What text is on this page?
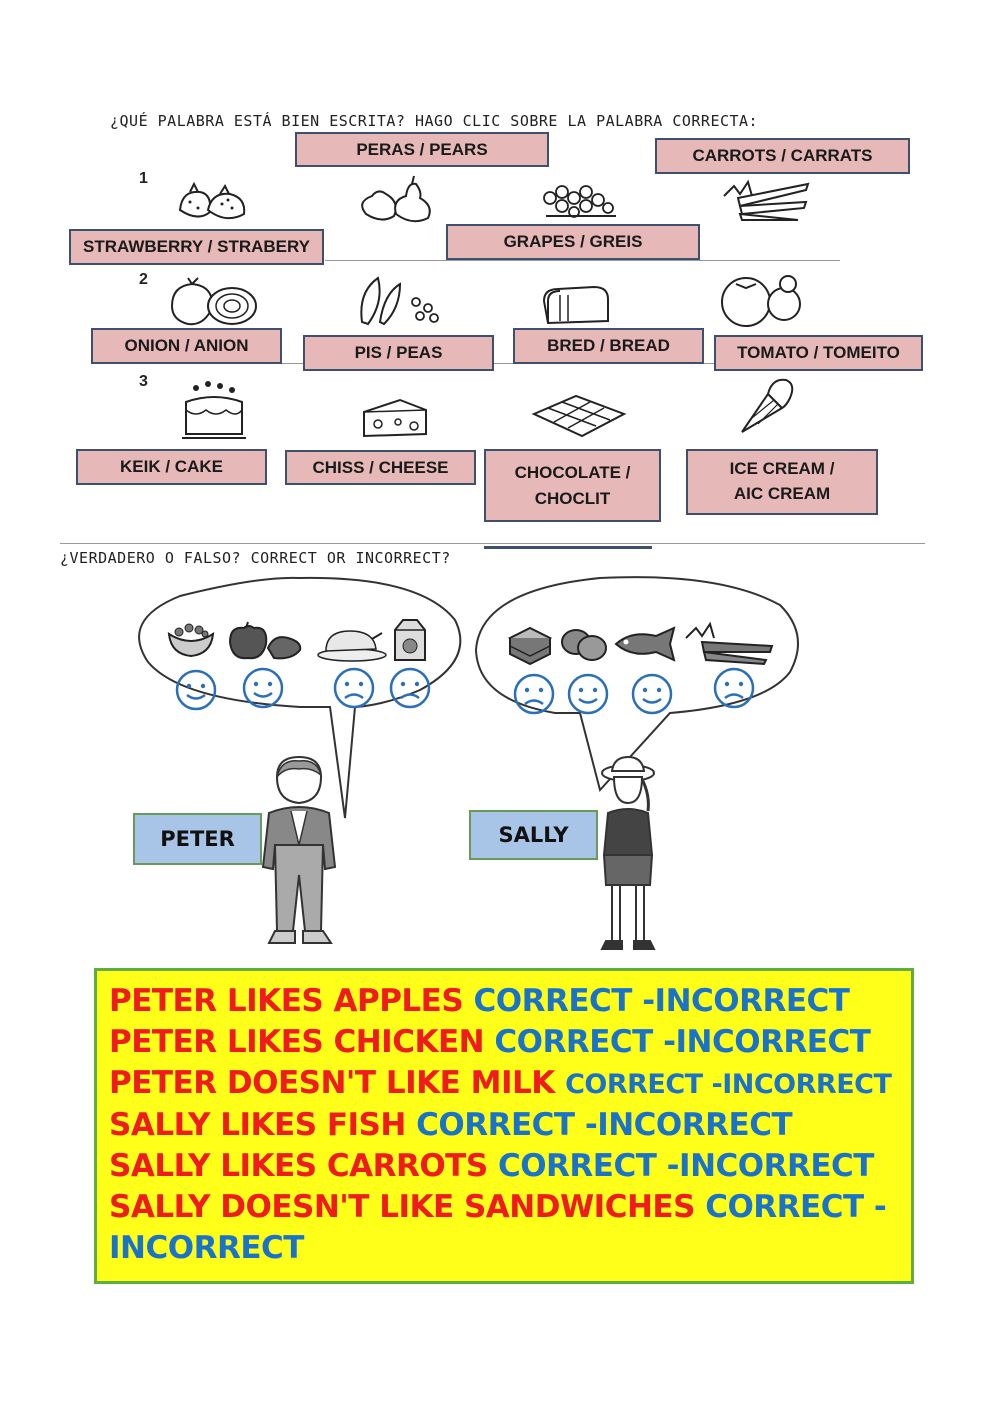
¿QUÉ PALABRA ESTÁ BIEN ESCRITA? HAGO CLIC SOBRE LA PALABRA CORRECTA:
1
2
3
PERAS / PEARS	CARROTS / CARRATS
STRAWBERRY / STRABERY	GRAPES / GREIS
ONION / ANION	PIS / PEAS	BRED / BREAD	TOMATO / TOMEITO
KEIK / CAKE	CHISS / CHEESE	CHOCOLATE / CHOCLIT
ICE CREAM / AIC CREAM
¿VERDADERO O FALSO? CORRECT OR INCORRECT?
PETER	SALLY
PETER LIKES APPLES CORRECT -INCORRECT
PETER LIKES CHICKEN CORRECT -INCORRECT
PETER DOESN'T LIKE MILK CORRECT -INCORRECT
SALLY LIKES FISH CORRECT -INCORRECT
SALLY LIKES CARROTS CORRECT -INCORRECT
SALLY DOESN'T LIKE SANDWICHES CORRECT -
INCORRECT
